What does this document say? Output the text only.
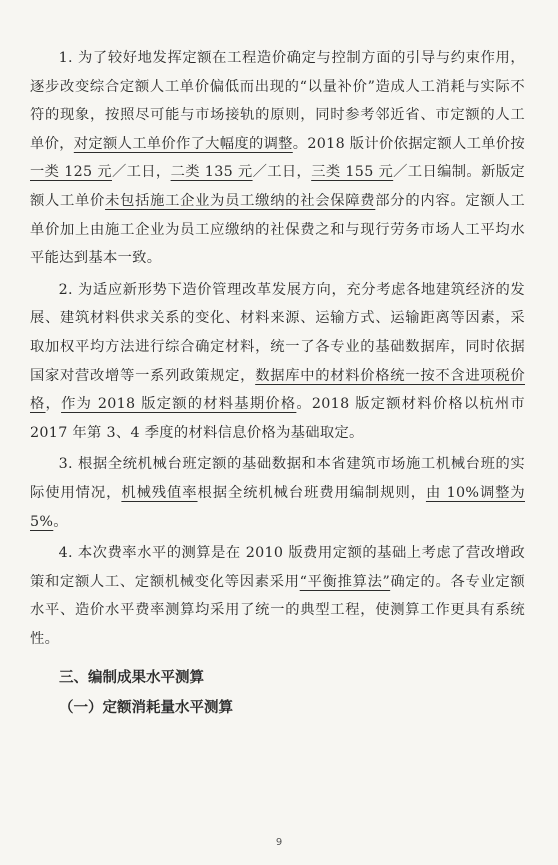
1. 为了较好地发挥定额在工程造价确定与控制方面的引导与约束作用，逐步改变综合定额人工单价偏低而出现的“以量补价”造成人工消耗与实际不符的现象，按照尽可能与市场接轨的原则，同时参考邻近省、市定额的人工单价，对定额人工单价作了大幅度的调整。2018 版计价依据定额人工单价按一类 125 元／工日，二类 135 元／工日，三类 155 元／工日编制。新版定额人工单价未包括施工企业为员工缴纳的社会保障费部分的内容。定额人工单价加上由施工企业为员工应缴纳的社保费之和与现行劳务市场人工平均水平能达到基本一致。

2. 为适应新形势下造价管理改革发展方向，充分考虑各地建筑经济的发展、建筑材料供求关系的变化、材料来源、运输方式、运输距离等因素，采取加权平均方法进行综合确定材料，统一了各专业的基础数据库，同时依据国家对营改增等一系列政策规定，数据库中的材料价格统一按不含进项税价格，作为 2018 版定额的材料基期价格。2018 版定额材料价格以杭州市 2017 年第 3、4 季度的材料信息价格为基础取定。

3. 根据全统机械台班定额的基础数据和本省建筑市场施工机械台班的实际使用情况，机械残值率根据全统机械台班费用编制规则，由 10%调整为 5%。

4. 本次费率水平的测算是在 2010 版费用定额的基础上考虑了营改增政策和定额人工、定额机械变化等因素采用“平衡推算法”确定的。各专业定额水平、造价水平费率测算均采用了统一的典型工程，使测算工作更具有系统性。

三、编制成果水平测算
（一）定额消耗量水平测算
9
